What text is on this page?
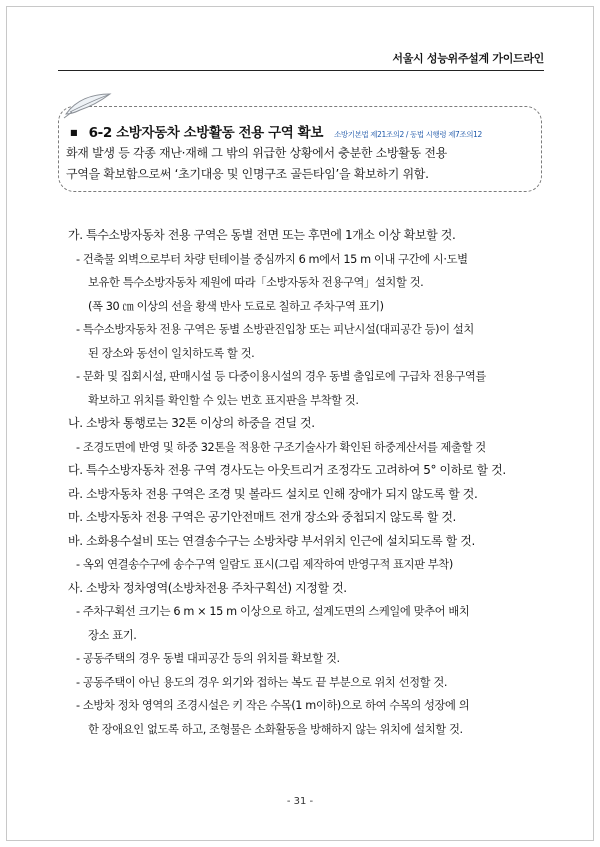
서울시 성능위주설계 가이드라인
■ 6-2 소방자동차 소방활동 전용 구역 확보 소방기본법 제21조의2 / 동법 시행령 제7조의12
화재 발생 등 각종 재난·재해 그 밖의 위급한 상황에서 충분한 소방활동 전용
구역을 확보함으로써 ‘초기대응 및 인명구조 골든타임’을 확보하기 위함.
가. 특수소방자동차 전용 구역은 동별 전면 또는 후면에 1개소 이상 확보할 것.
- 건축물 외벽으로부터 차량 턴테이블 중심까지 6 m에서 15 m 이내 구간에 시·도별
보유한 특수소방자동차 제원에 따라「소방자동차 전용구역」설치할 것.
(폭 30 ㎝ 이상의 선을 황색 반사 도료로 칠하고 주차구역 표기)
- 특수소방자동차 전용 구역은 동별 소방관진입창 또는 피난시설(대피공간 등)이 설치
된 장소와 동선이 일치하도록 할 것.
- 문화 및 집회시설, 판매시설 등 다중이용시설의 경우 동별 출입로에 구급차 전용구역를
확보하고 위치를 확인할 수 있는 번호 표지판을 부착할 것.
나. 소방차 통행로는 32톤 이상의 하중을 견딜 것.
- 조경도면에 반영 및 하중 32톤을 적용한 구조기술사가 확인된 하중계산서를 제출할 것
다. 특수소방자동차 전용 구역 경사도는 아웃트리거 조정각도 고려하여 5° 이하로 할 것.
라. 소방자동차 전용 구역은 조경 및 볼라드 설치로 인해 장애가 되지 않도록 할 것.
마. 소방자동차 전용 구역은 공기안전매트 전개 장소와 중첩되지 않도록 할 것.
바. 소화용수설비 또는 연결송수구는 소방차량 부서위치 인근에 설치되도록 할 것.
- 옥외 연결송수구에 송수구역 일람도 표시(그림 제작하여 반영구적 표지판 부착)
사. 소방차 정차영역(소방차전용 주차구획선) 지정할 것.
- 주차구획선 크기는 6 m × 15 m 이상으로 하고, 설계도면의 스케일에 맞추어 배치
장소 표기.
- 공동주택의 경우 동별 대피공간 등의 위치를 확보할 것.
- 공동주택이 아닌 용도의 경우 외기와 접하는 복도 끝 부분으로 위치 선정할 것.
- 소방차 정차 영역의 조경시설은 키 작은 수목(1 m이하)으로 하여 수목의 성장에 의
한 장애요인 없도록 하고, 조형물은 소화활동을 방해하지 않는 위치에 설치할 것.
- 31 -
